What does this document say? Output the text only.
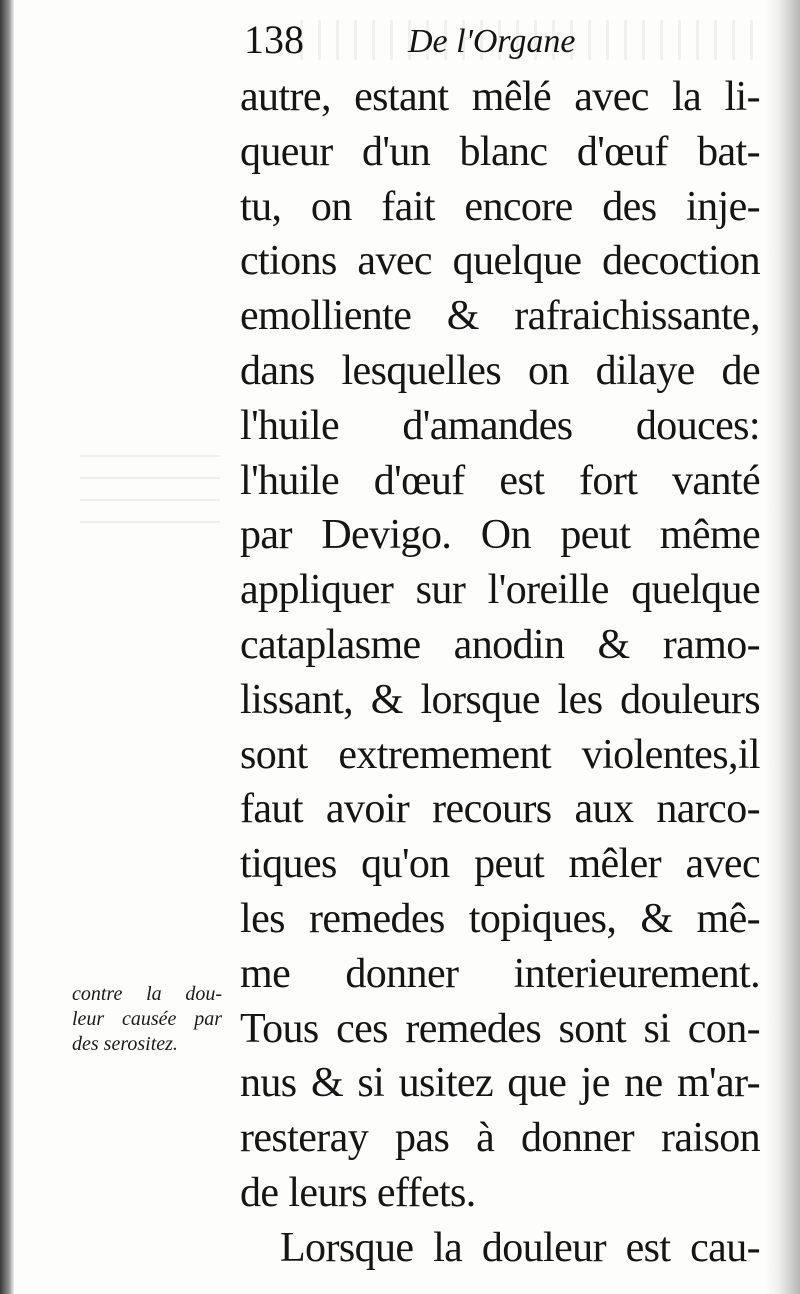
138	De l'Organe
autre, estant mêlé avec la li-
queur d'un blanc d'œuf bat-
tu, on fait encore des inje-
ctions avec quelque decoction
emolliente & rafraichissante,
dans lesquelles on dilaye de
l'huile d'amandes douces:
l'huile d'œuf est fort vanté
par Devigo. On peut même
appliquer sur l'oreille quelque
cataplasme anodin & ramo-
lissant, & lorsque les douleurs
sont extremement violentes,il
faut avoir recours aux narco-
tiques qu'on peut mêler avec
les remedes topiques, & mê-
me donner interieurement.
Tous ces remedes sont si con-
nus & si usitez que je ne m'ar-
resteray pas à donner raison
de leurs effets.
Lorsque la douleur est cau-
contre la dou-
leur causée par
des serositez.
